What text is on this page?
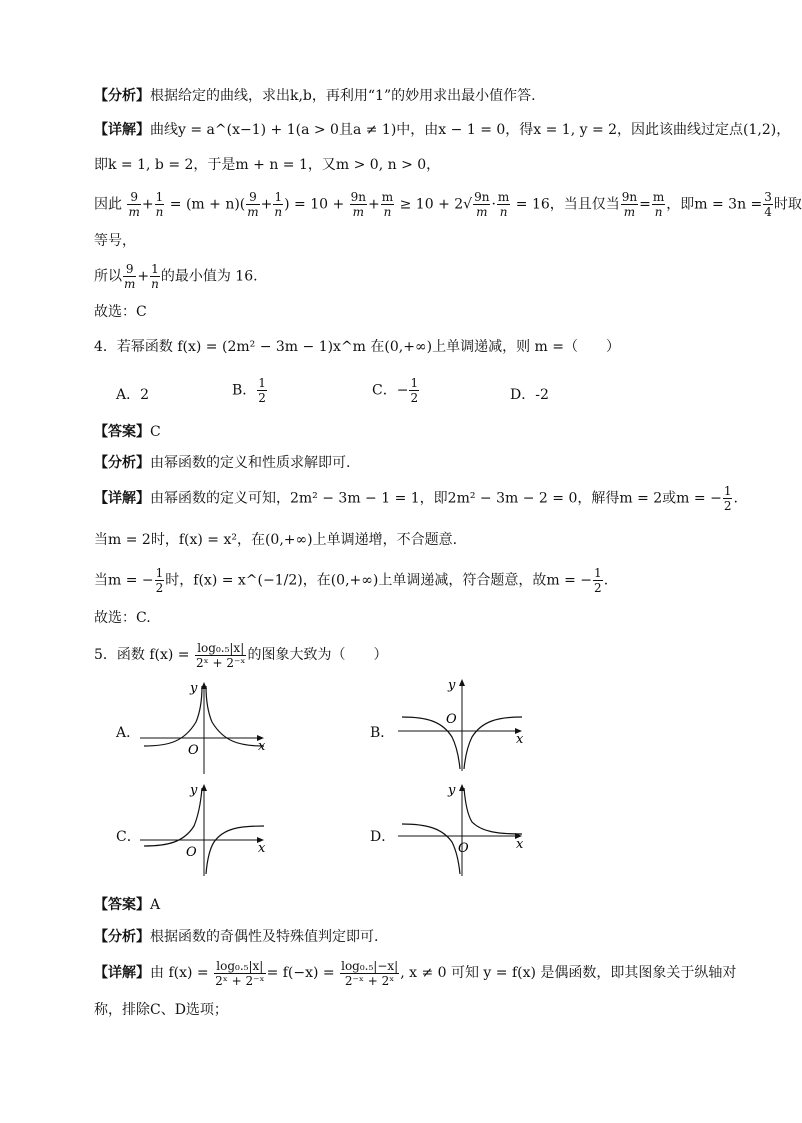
【分析】根据给定的曲线，求出k,b，再利用“1”的妙用求出最小值作答.
【详解】曲线y = a^(x−1) + 1(a > 0且a ≠ 1)中，由x − 1 = 0，得x = 1, y = 2，因此该曲线过定点(1,2)，
即k = 1, b = 2，于是m + n = 1，又m > 0, n > 0，
因此 $\frac{9}{m} + \frac{1}{n} = (m + n)( \frac{9}{m} + \frac{1}{n}$ ) = $10 + \frac{9n}{m} + \frac{m}{n} \ge 10 + 2√ \frac{9n}{m} \cdot \frac{m}{n} = 16$，当且仅当 $\frac{9n}{m} = \frac{m}{n}$ ，即$m = 3n = \frac{3}{4}$ 时取
等号，
所以 $\frac{9}{m} + \frac{1}{n}$ 的最小值为 16.
故选：C
4．若幂函数 f(x) = (2m² − 3m − 1)x^m 在(0,+∞)上单调递减，则 m =（　　）
A．2	B． $\frac{1}{2}$	C．− $\frac{1}{2}$	D．-2
【答案】C
【分析】由幂函数的定义和性质求解即可.
【详解】由幂函数的定义可知，2m² − 3m − 1 = 1，即2m² − 3m − 2 = 0，解得m = 2或m = − $\frac{1}{2}$ .
当m = 2时，f(x) = x²，在(0,+∞)上单调递增，不合题意.
当m = − $\frac{1}{2}$ 时，f(x) = x^(−1/2)，在(0,+∞)上单调递减，符合题意，故m = − $\frac{1}{2}$ .
故选：C.
5．函数 $f(x) = \frac{\text{log₀.₅|x|}}{\text{2ˣ + 2⁻ˣ}}$ 的图象大致为（　　）
A．	B．
C．	D．
y
x
O
y
x
O
y
x
O
y
x
O
【答案】A
【分析】根据函数的奇偶性及特殊值判定即可.
【详解】由 $f(x) = \frac{\text{log₀.₅|x|}}{\text{2ˣ + 2⁻ˣ}} = f(-x) = \frac{\text{log₀.₅|−x|}}{\text{2⁻ˣ + 2ˣ}}$ , x ≠ 0 可知 y = f(x) 是偶函数，即其图象关于纵轴对
称，排除C、D选项；
